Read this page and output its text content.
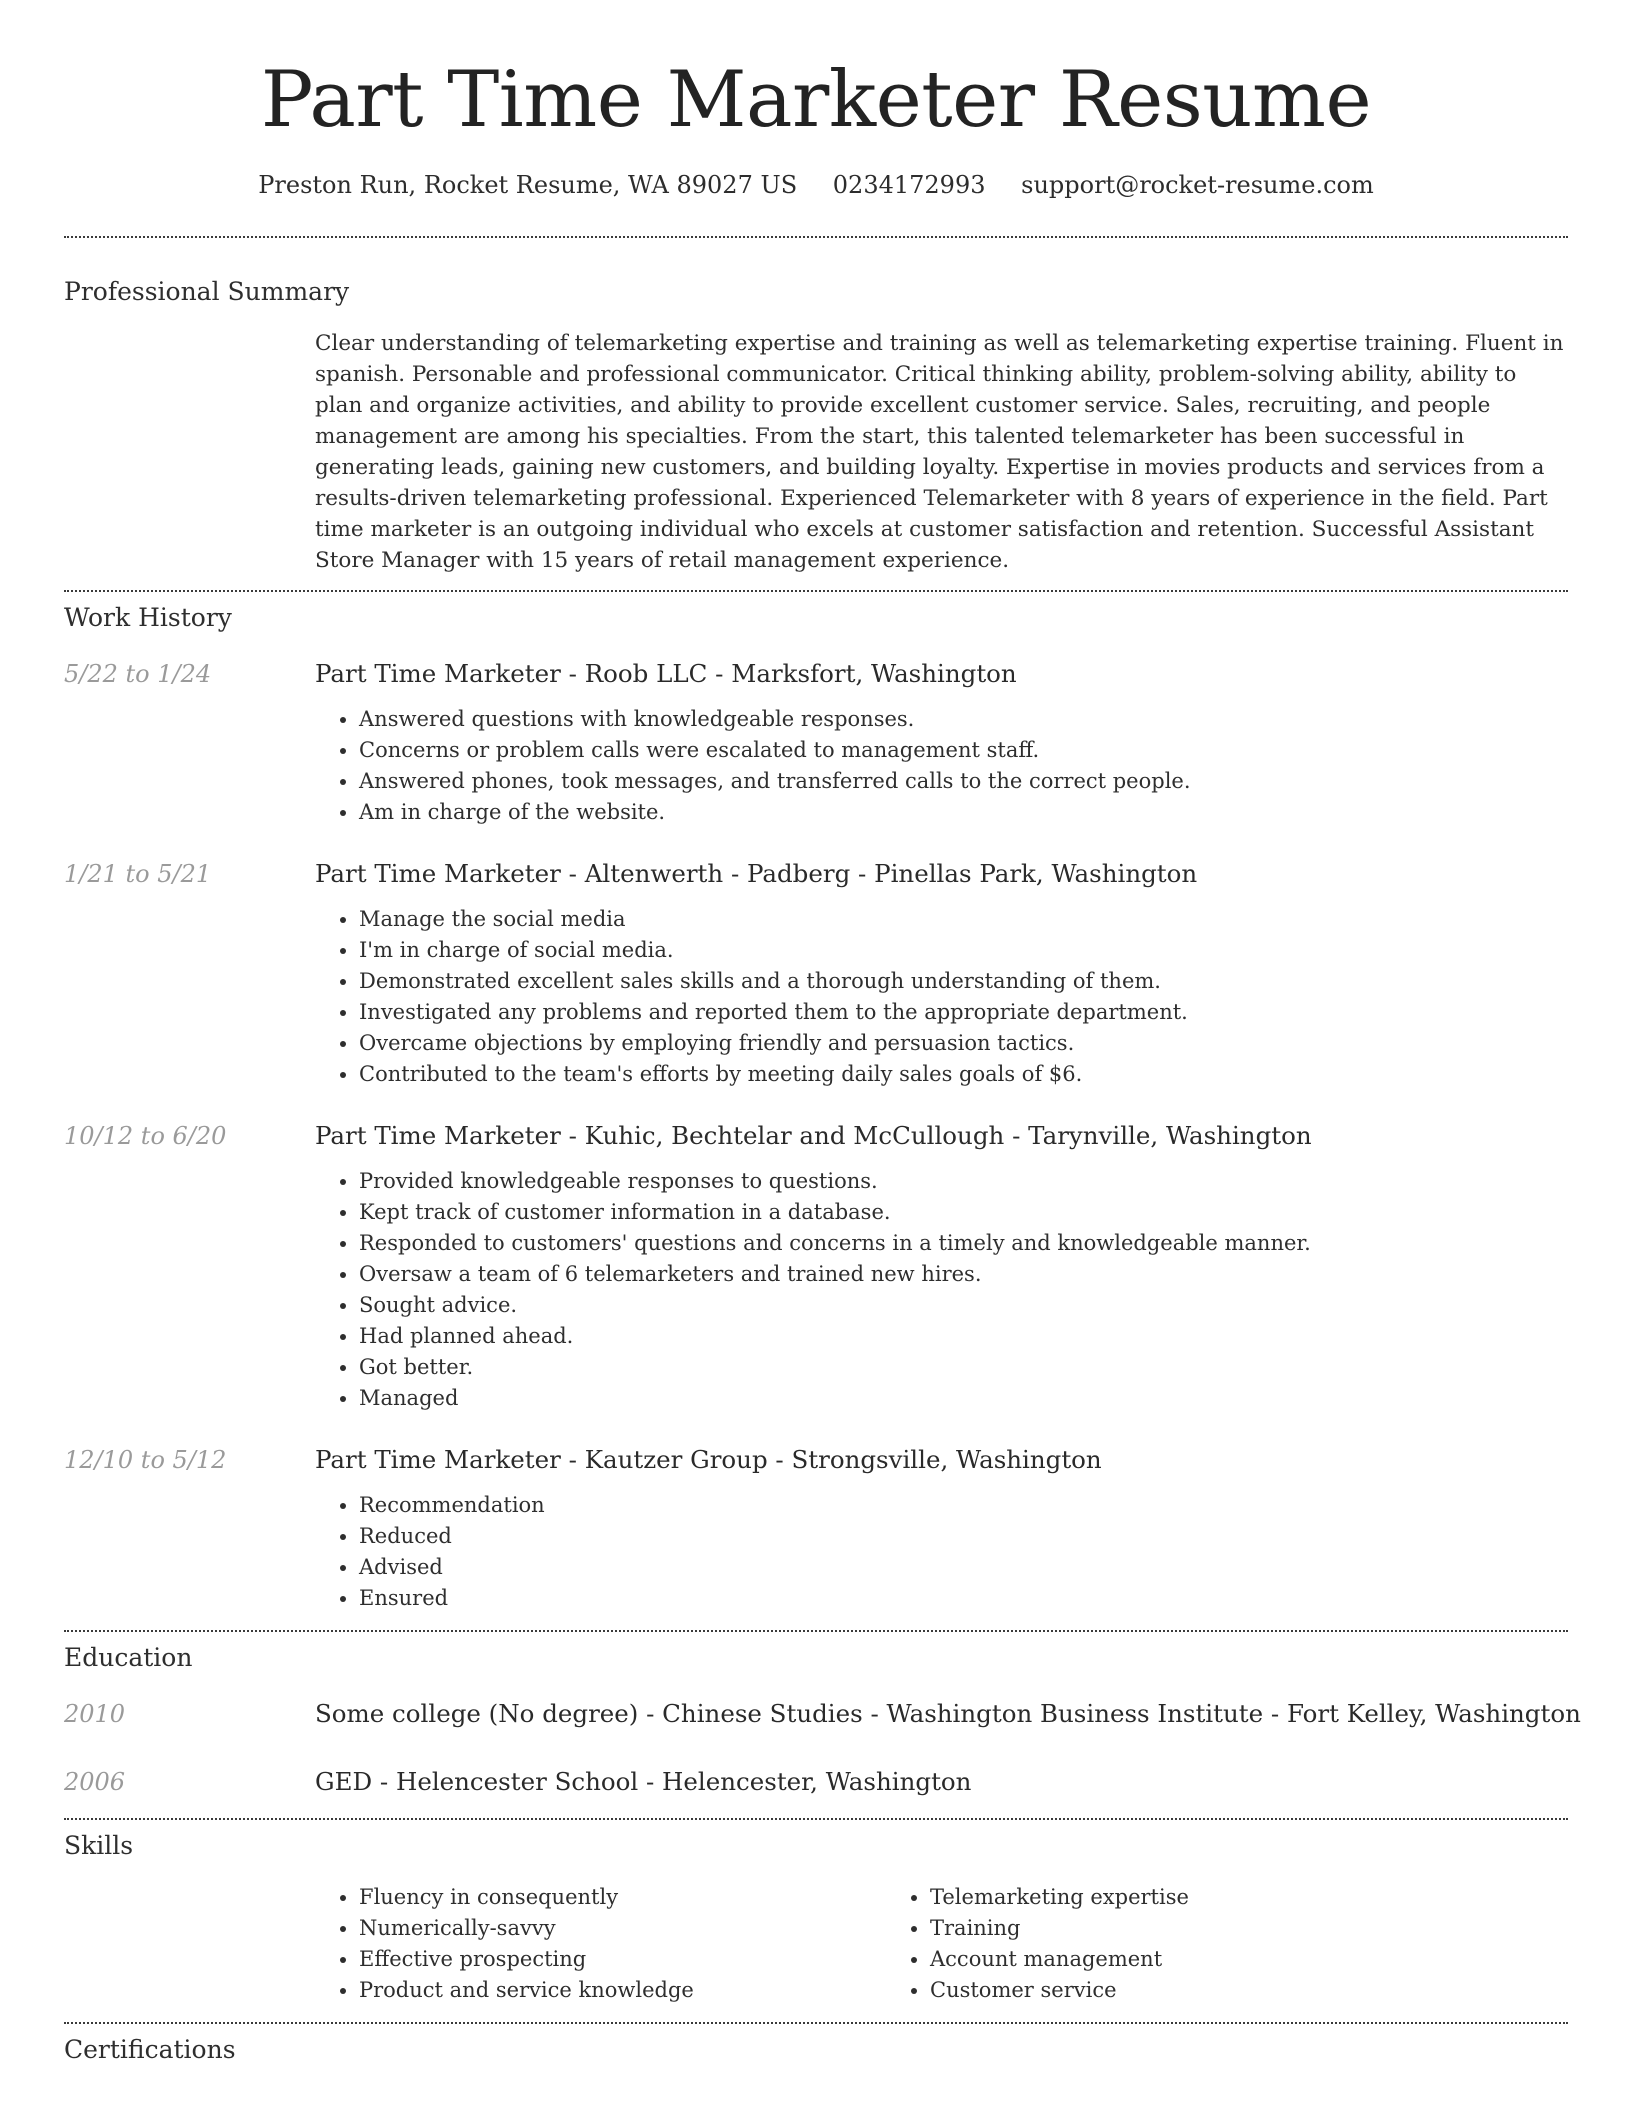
Part Time Marketer Resume
Preston Run, Rocket Resume, WA 89027 US 0234172993 support@rocket-resume.com
Professional Summary

Clear understanding of telemarketing expertise and training as well as telemarketing expertise training. Fluent in spanish. Personable and professional communicator. Critical thinking ability, problem-solving ability, ability to plan and organize activities, and ability to provide excellent customer service. Sales, recruiting, and people management are among his specialties. From the start, this talented telemarketer has been successful in generating leads, gaining new customers, and building loyalty. Expertise in movies products and services from a results-driven telemarketing professional. Experienced Telemarketer with 8 years of experience in the field. Part time marketer is an outgoing individual who excels at customer satisfaction and retention. Successful Assistant Store Manager with 15 years of retail management experience.

Work History
5/22 to 1/24	Part Time Marketer - Roob LLC - Marksfort, Washington
• Answered questions with knowledgeable responses.
• Concerns or problem calls were escalated to management staff.
• Answered phones, took messages, and transferred calls to the correct people.
• Am in charge of the website.
1/21 to 5/21	Part Time Marketer - Altenwerth - Padberg - Pinellas Park, Washington
• Manage the social media
• I'm in charge of social media.
• Demonstrated excellent sales skills and a thorough understanding of them.
• Investigated any problems and reported them to the appropriate department.
• Overcame objections by employing friendly and persuasion tactics.
• Contributed to the team's efforts by meeting daily sales goals of $6.
10/12 to 6/20	Part Time Marketer - Kuhic, Bechtelar and McCullough - Tarynville, Washington
• Provided knowledgeable responses to questions.
• Kept track of customer information in a database.
• Responded to customers' questions and concerns in a timely and knowledgeable manner.
• Oversaw a team of 6 telemarketers and trained new hires.
• Sought advice.
• Had planned ahead.
• Got better.
• Managed
12/10 to 5/12	Part Time Marketer - Kautzer Group - Strongsville, Washington
• Recommendation
• Reduced
• Advised
• Ensured
Education
2010	Some college (No degree) - Chinese Studies - Washington Business Institute - Fort Kelley, Washington
2006	GED - Helencester School - Helencester, Washington
Skills
• Fluency in consequently
• Numerically-savvy
• Effective prospecting
• Product and service knowledge
• Telemarketing expertise
• Training
• Account management
• Customer service
Certifications
